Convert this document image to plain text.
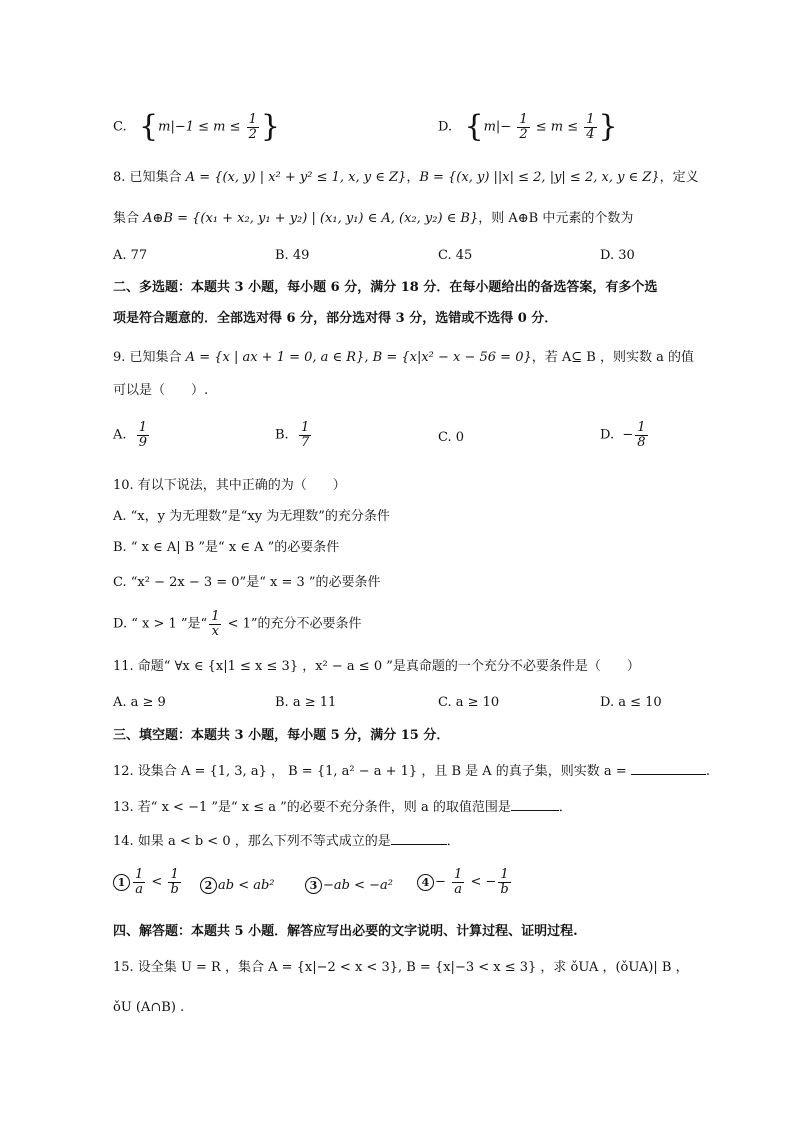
C. {$m|-1 \le m \le \frac{1}{2}$ }	D. {$m|- \frac{1}{2} \le m \le \frac{1}{4}$ }
8. 已知集合 A = {(x, y) | x² + y² ≤ 1, x, y ∈ Z}，B = {(x, y) ||x| ≤ 2, |y| ≤ 2, x, y ∈ Z}，定义
集合 A⊕B = {(x₁ + x₂, y₁ + y₂) | (x₁, y₁) ∈ A, (x₂, y₂) ∈ B}，则 A⊕B 中元素的个数为
A. 77	B. 49	C. 45	D. 30
二、多选题：本题共 3 小题，每小题 6 分，满分 18 分．在每小题给出的备选答案，有多个选
项是符合题意的．全部选对得 6 分，部分选对得 3 分，选错或不选得 0 分．
9. 已知集合 A = {x | ax + 1 = 0, a ∈ R}, B = {x|x² − x − 56 = 0}，若 A⊆ B ，则实数 a 的值
可以是（　　）.
A. $\frac{1}{9}$	B. $\frac{1}{7}$	C. 0	D. − $\frac{1}{8}$
10. 有以下说法，其中正确的为（　　）
A. “x，y 为无理数”是“xy 为无理数”的充分条件
B. “ x ∈ A| B ”是“ x ∈ A ”的必要条件
C. “x² − 2x − 3 = 0”是“ x = 3 ”的必要条件
D. “ x > 1 ”是“ $\frac{1}{x} < 1$”的充分不必要条件
11. 命题“ ∀x ∈ {x|1 ≤ x ≤ 3} ，x² − a ≤ 0 ”是真命题的一个充分不必要条件是（　　）
A. a ≥ 9	B. a ≥ 11	C. a ≥ 10	D. a ≤ 10
三、填空题：本题共 3 小题，每小题 5 分，满分 15 分．
12. 设集合 A = {1, 3, a} ， B = {1, a² − a + 1} ，且 B 是 A 的真子集，则实数 a =	.
13. 若“ x < −1 ”是“ x ≤ a ”的必要不充分条件，则 a 的取值范围是	．
14. 如果 a < b < 0 ，那么下列不等式成立的是	．
$1 \frac{1}{a} < \frac{1}{b}$	2 ab < ab²	3 −ab < −a²	$4 - \frac{1}{a}$ < − $\frac{1}{b}$
四、解答题：本题共 5 小题．解答应写出必要的文字说明、计算过程、证明过程.
15. 设全集 U = R ，集合 A = {x|−2 < x < 3}, B = {x|−3 < x ≤ 3} ，求 ǒUA ，(ǒUA)| B ，
ǒU (A∩B) .
